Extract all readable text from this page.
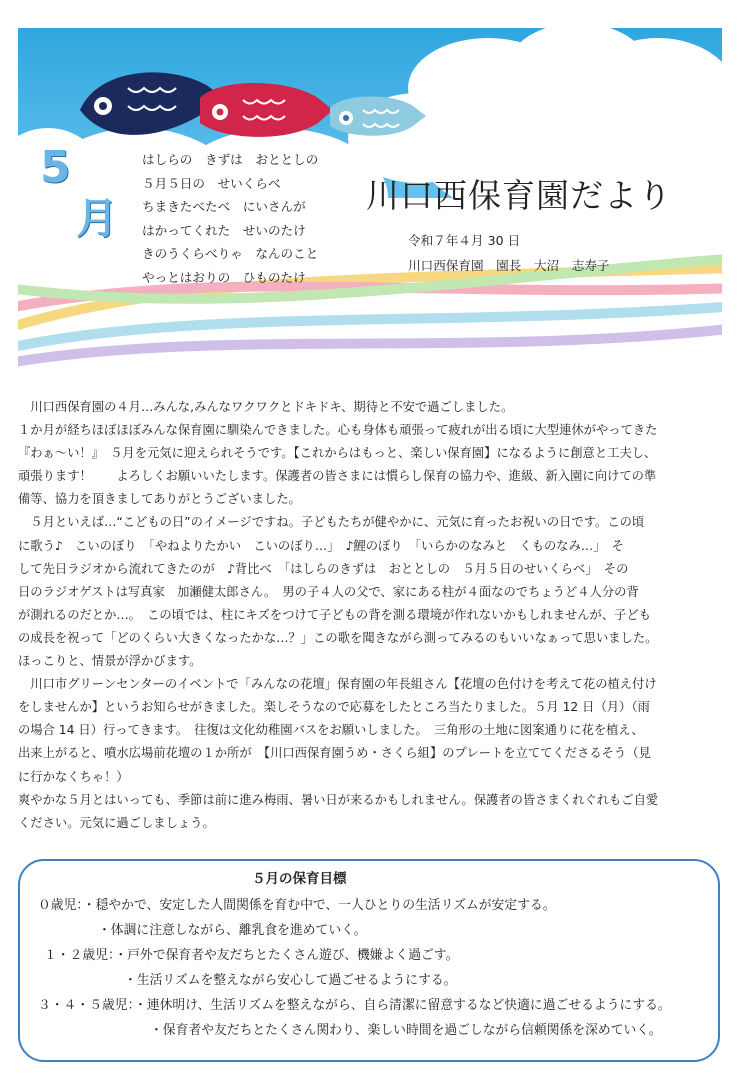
5
月
はしらの　きずは　おととしの
５月５日の　せいくらべ
ちまきたべたべ　にいさんが
はかってくれた　せいのたけ
きのうくらべりゃ　なんのこと
やっとはおりの　ひものたけ
川口西保育園だより
令和７年４月 30 日
川口西保育園　園長　大沼　志寿子

　川口西保育園の４月…みんな,みんなワクワクとドキドキ、期待と不安で過ごしました。

１か月が経ちほぼほぼみんな保育園に馴染んできました。心も身体も頑張って疲れが出る頃に大型連休がやってきた

『わぁ〜い！』　５月を元気に迎えられそうです。【これからはもっと、楽しい保育園】になるように創意と工夫し、

頑張ります！　　よろしくお願いいたします。保護者の皆さまには慣らし保育の協力や、進級、新入園に向けての準

備等、協力を頂きましてありがとうございました。

　５月といえば…“こどもの日”のイメージですね。子どもたちが健やかに、元気に育ったお祝いの日です。この頃

に歌う♪　こいのぼり　「やねよりたかい　こいのぼり…」　♪鯉のぼり　「いらかのなみと　くものなみ…」　そ

して先日ラジオから流れてきたのが　♪背比べ　「はしらのきずは　おととしの　５月５日のせいくらべ」　その

日のラジオゲストは写真家　加瀬健太郎さん。　男の子４人の父で、家にある柱が４面なのでちょうど４人分の背

が測れるのだとか…。　この頃では、柱にキズをつけて子どもの背を測る環境が作れないかもしれませんが、子ども

の成長を祝って「どのくらい大きくなったかな…？」この歌を聞きながら測ってみるのもいいなぁって思いました。

ほっこりと、情景が浮かびます。

　川口市グリーンセンターのイベントで「みんなの花壇」保育園の年長組さん【花壇の色付けを考えて花の植え付け

をしませんか】というお知らせがきました。楽しそうなので応募をしたところ当たりました。５月 12 日（月）（雨

の場合 14 日）行ってきます。　往復は文化幼稚園バスをお願いしました。　三角形の土地に図案通りに花を植え、

出来上がると、噴水広場前花壇の１か所が　【川口西保育園うめ・さくら組】のプレートを立ててくださるそう（見

に行かなくちゃ！）

爽やかな５月とはいっても、季節は前に進み梅雨、暑い日が来るかもしれません。保護者の皆さまくれぐれもご自愛

ください。元気に過ごしましょう。

５月の保育目標
０歳児：・穏やかで、安定した人間関係を育む中で、一人ひとりの生活リズムが安定する。
・体調に注意しながら、離乳食を進めていく。
１・２歳児：・戸外で保育者や友だちとたくさん遊び、機嫌よく過ごす。
・生活リズムを整えながら安心して過ごせるようにする。
３・４・５歳児：・連休明け、生活リズムを整えながら、自ら清潔に留意するなど快適に過ごせるようにする。
・保育者や友だちとたくさん関わり、楽しい時間を過ごしながら信頼関係を深めていく。
